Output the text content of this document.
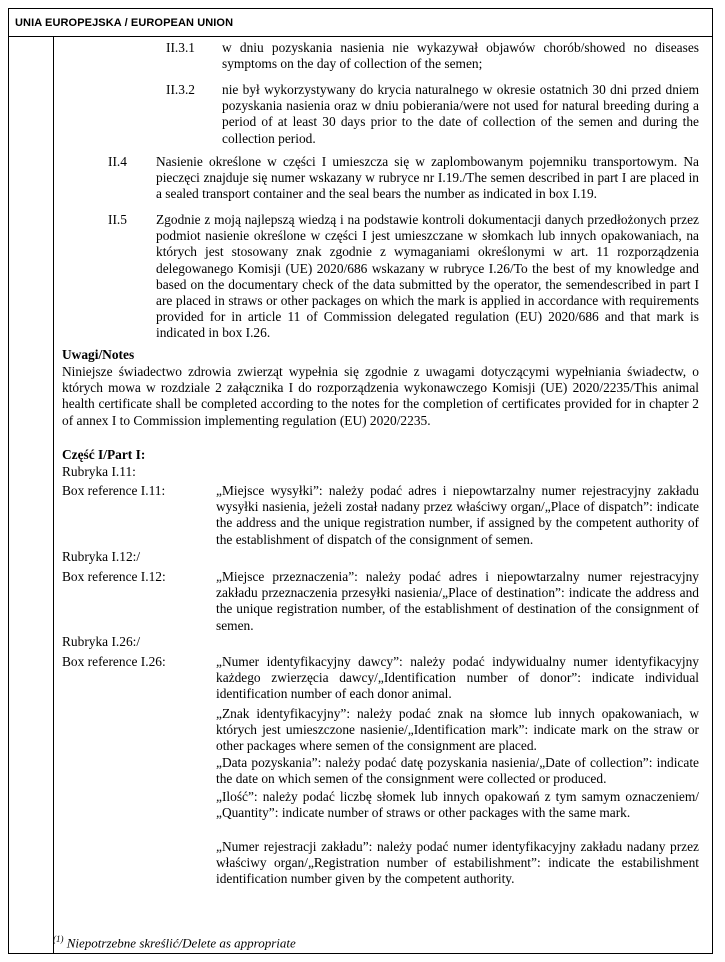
UNIA EUROPEJSKA / EUROPEAN UNION
II.3.1 w dniu pozyskania nasienia nie wykazywał objawów chorób/showed no diseases symptoms on the day of collection of the semen;
II.3.2 nie był wykorzystywany do krycia naturalnego w okresie ostatnich 30 dni przed dniem pozyskania nasienia oraz w dniu pobierania/were not used for natural breeding during a period of at least 30 days prior to the date of collection of the semen and during the collection period.
II.4 Nasienie określone w części I umieszcza się w zaplombowanym pojemniku transportowym. Na pieczęci znajduje się numer wskazany w rubryce nr I.19./The semen described in part I are placed in a sealed transport container and the seal bears the number as indicated in box I.19.
II.5 Zgodnie z moją najlepszą wiedzą i na podstawie kontroli dokumentacji danych przedłożonych przez podmiot nasienie określone w części I jest umieszczane w słomkach lub innych opakowaniach, na których jest stosowany znak zgodnie z wymaganiami określonymi w art. 11 rozporządzenia delegowanego Komisji (UE) 2020/686 wskazany w rubryce I.26/To the best of my knowledge and based on the documentary check of the data submitted by the operator, the semendescribed in part I are placed in straws or other packages on which the mark is applied in accordance with requirements provided for in article 11 of Commission delegated regulation (EU) 2020/686 and that mark is indicated in box I.26.
Uwagi/Notes
Niniejsze świadectwo zdrowia zwierząt wypełnia się zgodnie z uwagami dotyczącymi wypełniania świadectw, o których mowa w rozdziale 2 załącznika I do rozporządzenia wykonawczego Komisji (UE) 2020/2235/This animal health certificate shall be completed according to the notes for the completion of certificates provided for in chapter 2 of annex I to Commission implementing regulation (EU) 2020/2235.
Część I/Part I:
Rubryka I.11:
Box reference I.11:	„Miejsce wysyłki”: należy podać adres i niepowtarzalny numer rejestracyjny zakładu wysyłki nasienia, jeżeli został nadany przez właściwy organ/„Place of dispatch”: indicate the address and the unique registration number, if assigned by the competent authority of the establishment of dispatch of the consignment of semen.
Rubryka I.12:/
Box reference I.12:	„Miejsce przeznaczenia”: należy podać adres i niepowtarzalny numer rejestracyjny zakładu przeznaczenia przesyłki nasienia/„Place of destination”: indicate the address and the unique registration number, of the establishment of destination of the consignment of semen.
Rubryka I.26:/
Box reference I.26:	„Numer identyfikacyjny dawcy”: należy podać indywidualny numer identyfikacyjny każdego zwierzęcia dawcy/„Identification number of donor”: indicate individual identification number of each donor animal.
„Znak identyfikacyjny”: należy podać znak na słomce lub innych opakowaniach, w których jest umieszczone nasienie/„Identification mark”: indicate mark on the straw or other packages where semen of the consignment are placed.
„Data pozyskania”: należy podać datę pozyskania nasienia/„Date of collection”: indicate the date on which semen of the consignment were collected or produced.
„Ilość”: należy podać liczbę słomek lub innych opakowań z tym samym oznaczeniem/„Quantity”: indicate number of straws or other packages with the same mark.
„Numer rejestracji zakładu”: należy podać numer identyfikacyjny zakładu nadany przez właściwy organ/„Registration number of estabilishment”: indicate the estabilishment identification number given by the competent authority.
$^{(1)}$ Niepotrzebne skreślić/Delete as appropriate
